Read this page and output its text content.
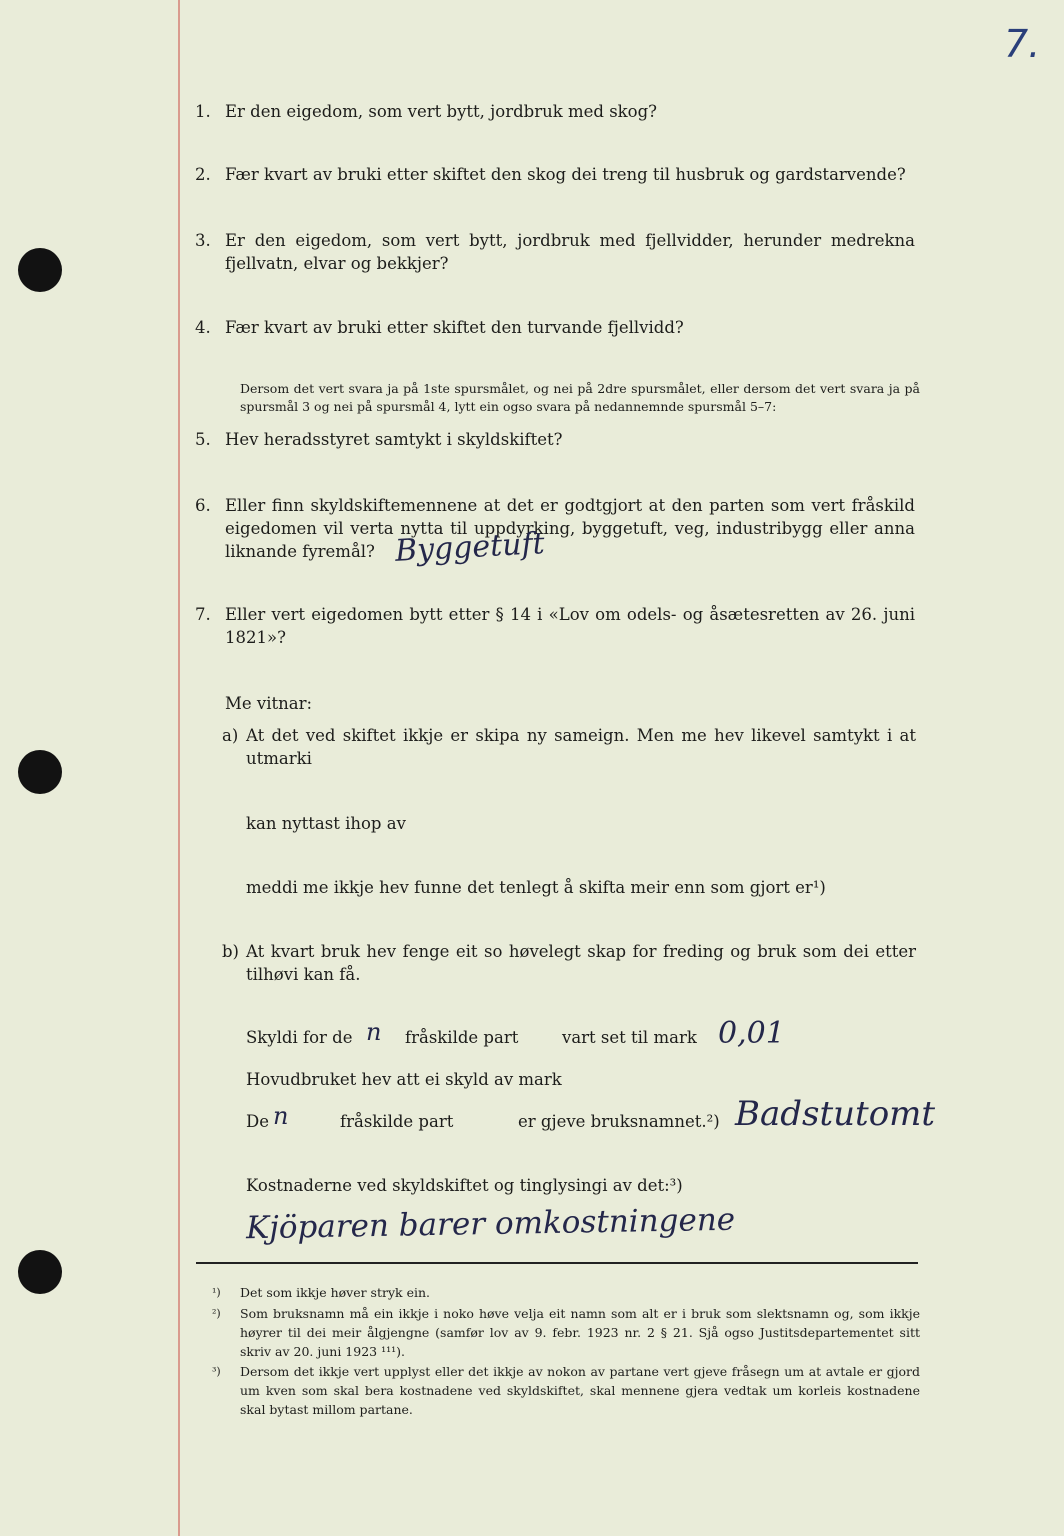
7.
1. Er den eigedom, som vert bytt, jordbruk med skog?
2. Fær kvart av bruki etter skiftet den skog dei treng til husbruk og gardstarvende?
3. Er den eigedom, som vert bytt, jordbruk med fjellvidder, herunder medrekna fjellvatn, elvar og bekkjer?
4. Fær kvart av bruki etter skiftet den turvande fjellvidd?
Dersom det vert svara ja på 1ste spursmålet, og nei på 2dre spursmålet, eller dersom det vert svara ja på spursmål 3 og nei på spursmål 4, lytt ein ogso svara på nedannemnde spursmål 5–7:
5. Hev heradsstyret samtykt i skyldskiftet?
6. Eller finn skyldskiftemennene at det er godtgjort at den parten som vert fråskild eigedomen vil verta nytta til uppdyrking, byggetuft, veg, industribygg eller anna liknande fyremål? Byggetuft
7. Eller vert eigedomen bytt etter § 14 i «Lov om odels- og åsætesretten av 26. juni 1821»?
Me vitnar:
a) At det ved skiftet ikkje er skipa ny sameign. Men me hev likevel samtykt i at utmarki
kan nyttast ihop av
meddi me ikkje hev funne det tenlegt å skifta meir enn som gjort er¹)
b) At kvart bruk hev fenge eit so høvelegt skap for freding og bruk som dei etter tilhøvi kan få.
Skyldi for de n fråskilde part	vart set til mark 0,01
Hovudbruket hev att ei skyld av mark
De n	fråskilde part	er gjeve bruksnamnet.²) Badstutomt
Kostnaderne ved skyldskiftet og tinglysingi av det:³)
Kjöparen barer omkostningene
¹) Det som ikkje høver stryk ein.
²) Som bruksnamn må ein ikkje i noko høve velja eit namn som alt er i bruk som slektsnamn og, som ikkje høyrer til dei meir ålgjengne (samfør lov av 9. febr. 1923 nr. 2 § 21. Sjå ogso Justitsdepartementet sitt skriv av 20. juni 1923 ¹¹¹).
³) Dersom det ikkje vert upplyst eller det ikkje av nokon av partane vert gjeve fråsegn um at avtale er gjord um kven som skal bera kostnadene ved skyldskiftet, skal mennene gjera vedtak um korleis kostnadene skal bytast millom partane.
